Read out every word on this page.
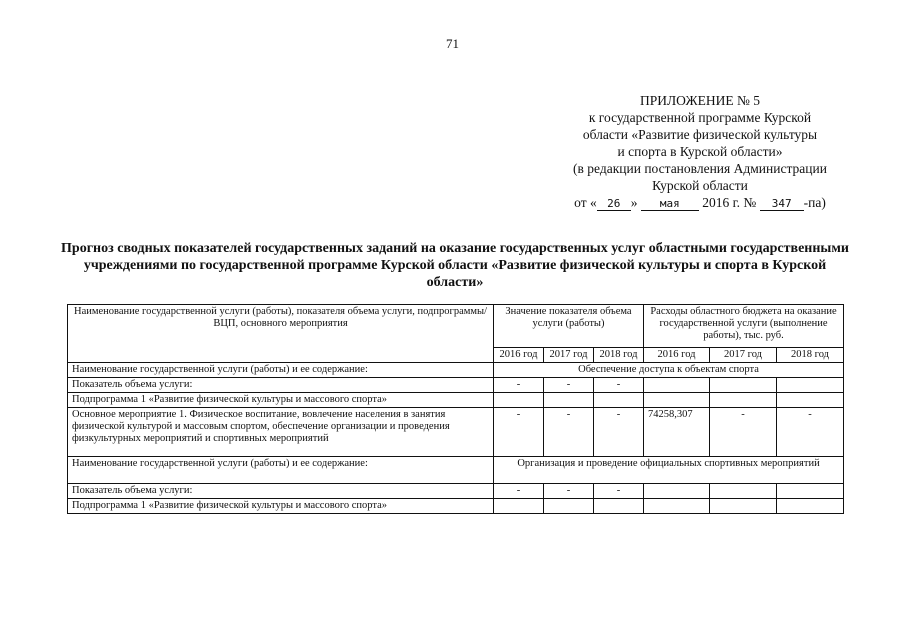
71
ПРИЛОЖЕНИЕ № 5
к государственной программе Курской
области «Развитие физической культуры
и спорта в Курской области»
(в редакции постановления Администрации
Курской области
от « 26 » мая 2016 г. № 347 -па)
Прогноз сводных показателей государственных заданий на оказание государственных услуг областными государственными учреждениями по государственной программе Курской области «Развитие физической культуры и спорта в Курской области»
Наименование государственной услуги (работы), показателя объема услуги, подпрограммы/ВЦП, основного мероприятия	Значение показателя объема услуги (работы)			Расходы областного бюджета на оказание государственной услуги (выполнение работы), тыс. руб.		
	2016 год	2017 год	2018 год	2016 год	2017 год	2018 год
Наименование государственной услуги (работы) и ее содержание:	Обеспечение доступа к объектам спорта					
Показатель объема услуги:	-	-	-			
Подпрограмма 1 «Развитие физической культуры и массового спорта»						
Основное мероприятие 1. Физическое воспитание, вовлечение населения в занятия физической культурой и массовым спортом, обеспечение организации и проведения физкультурных мероприятий и спортивных мероприятий	-	-	-	74258,307	-	-
Наименование государственной услуги (работы) и ее содержание:	Организация и проведение официальных спортивных мероприятий					
Показатель объема услуги:	-	-	-			
Подпрограмма 1 «Развитие физической культуры и массового спорта»						
